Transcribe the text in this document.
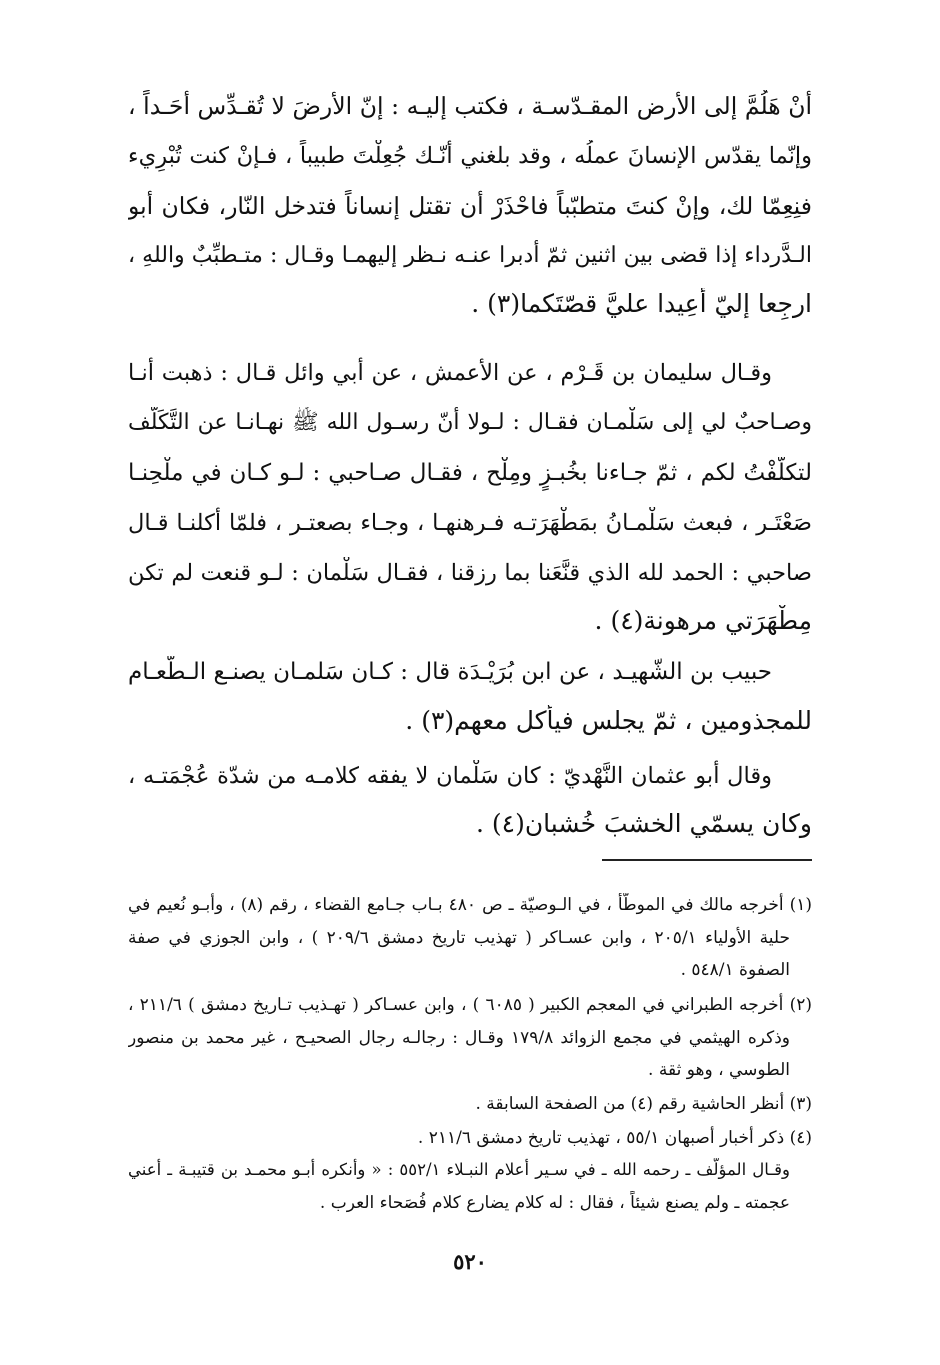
أنْ هَلُمَّ إلى الأرض المقـدّسـة ، فكتب إليـه : إنّ الأرضَ لا تُقـدِّس أحَـداً ،
وإنّما يقدّس الإنسانَ عملُه ، وقد بلغني أنّـك جُعِلْتَ طبيباً ، فـإنْ كنت تُبْرِيء
فنِعِمّا لك، وإنْ كنتَ متطبّباً فاحْذَرْ أن تقتل إنساناً فتدخل النّار، فكان أبو
الـدَّرداء إذا قضى بين اثنين ثمّ أدبرا عنـه نـظر إليهمـا وقـال : متـطبِّبٌ واللهِ ،
ارجِعا إليّ أعِيدا عليَّ قصّتَكما(٣) .
وقـال سليمان بن قَـرْم ، عن الأعمش ، عن أبي وائل قـال : ذهبت أنـا
وصـاحبٌ لي إلى سَلْمـان فقـال : لـولا أنّ رسـول الله ﷺ نهـانـا عن التَّكَلُّف
لتكلَّفْتُ لكم ، ثمّ جـاءنا بخُبـزٍ ومِلْح ، فقـال صـاحبي : لـو كـان في ملْحِنـا
صَعْتَـر ، فبعث سَلْمـانُ بمَطْهَرَتـه فـرهنهـا ، وجـاء بصعتـر ، فلمّا أكلنـا قـال
صاحبي : الحمد لله الذي قنَّعَنا بما رزقنا ، فقـال سَلْمان : لـو قنعت لم تكن
مِطْهَرَتي مرهونة(٤) .
حبيب بن الشّهيـد ، عن ابن بُرَيْـدَة قال : كـان سَلمـان يصنـع الـطّعـام
للمجذومين ، ثمّ يجلس فيأكل معهم(٣) .
وقال أبو عثمان النَّهْديّ : كان سَلْمان لا يفقه كلامـه من شدّة عُجْمَتـه ،
وكان يسمّي الخشبَ خُشبان(٤) .
(١) أخرجه مالك في الموطّأ ، في الـوصيّة ـ ص ٤٨٠ بـاب جـامع القضاء ، رقم (٨) ، وأبـو نُعيم في
حلية الأولياء ٢٠٥/١ ، وابن عسـاكر ( تهذيب تاريخ دمشق ٢٠٩/٦ ) ، وابن الجوزي في صفة
الصفوة ٥٤٨/١ .
(٢) أخرجه الطبراني في المعجم الكبير ( ٦٠٨٥ ) ، وابن عسـاكر ( تهـذيب تـاريخ دمشق ) ٢١١/٦ ،
وذكره الهيثمي في مجمع الزوائد ١٧٩/٨ وقـال : رجالـه رجال الصحيـح ، غير محمد بن منصور
الطوسي ، وهو ثقة .
(٣) أنظر الحاشية رقم (٤) من الصفحة السابقة .
(٤) ذكر أخبار أصبهان ٥٥/١ ، تهذيب تاريخ دمشق ٢١١/٦ .
وقـال المؤلّف ـ رحمه الله ـ في سـير أعلام النبـلاء ٥٥٢/١ : « وأنكره أبـو محمـد بن قتيبـة ـ أعني
عجمته ـ ولم يصنع شيئاً ، فقال : له كلام يضارع كلام فُصَحاء العرب .
٥٢٠
